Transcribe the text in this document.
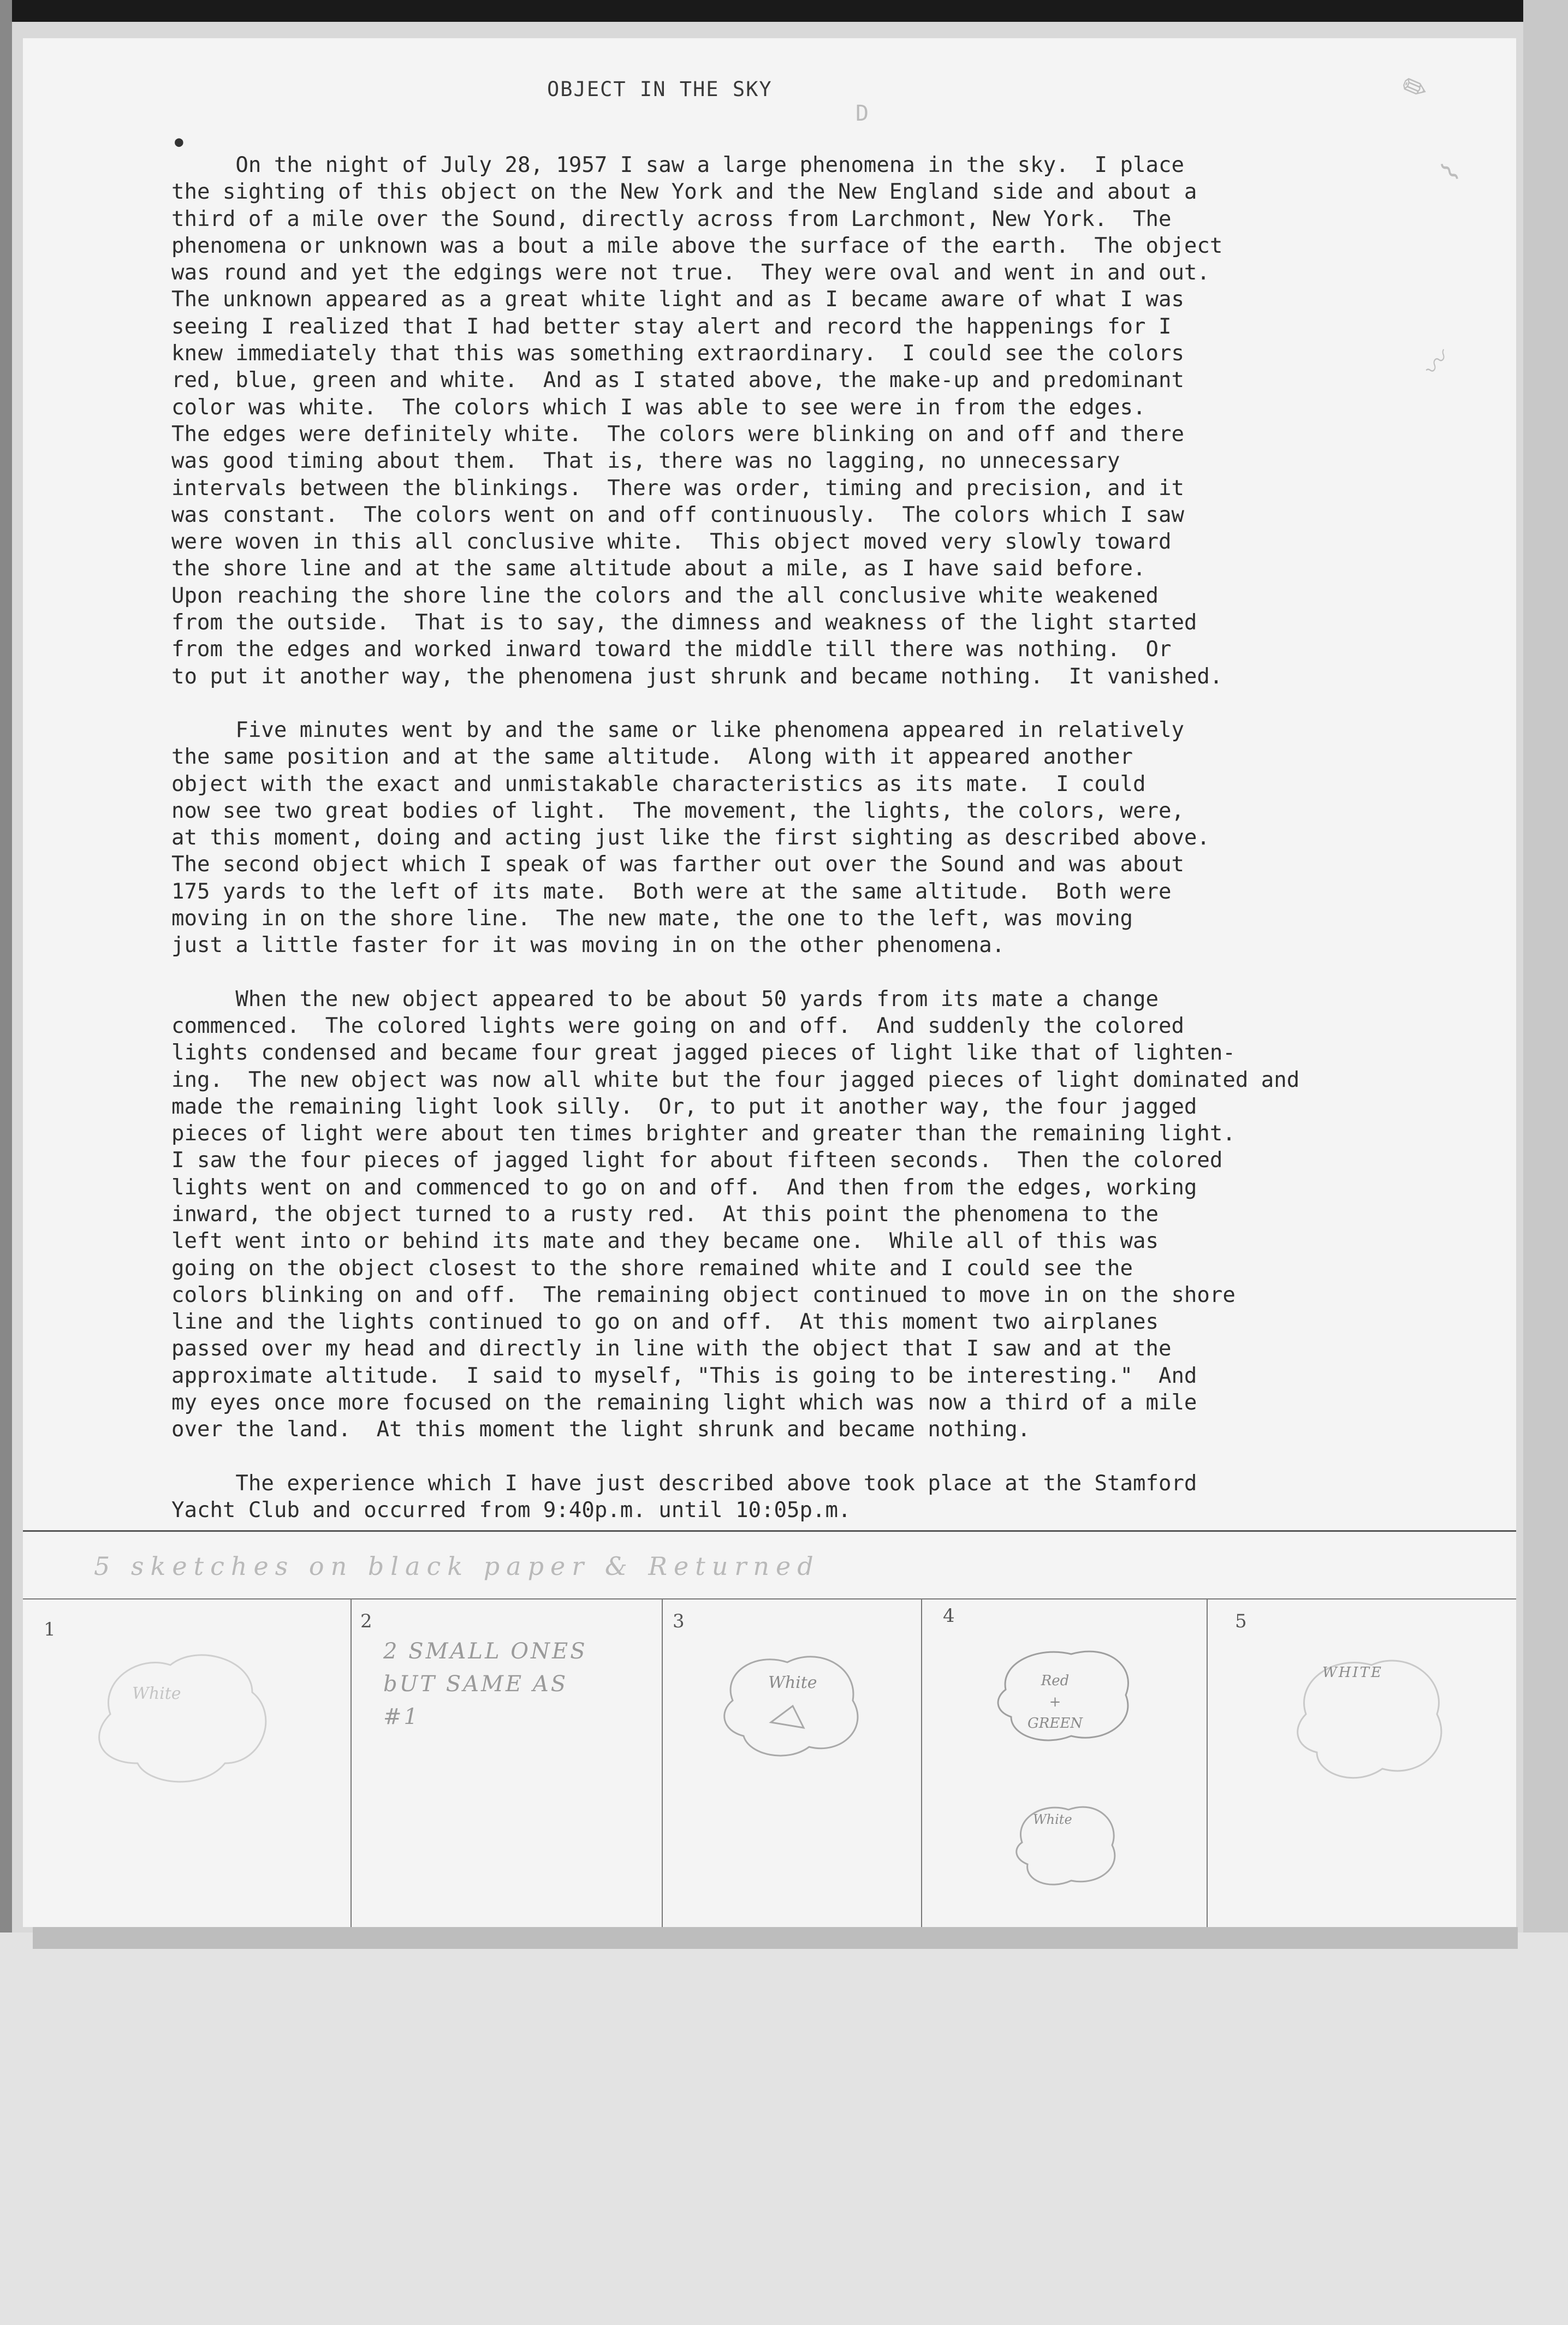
OBJECT IN THE SKY
D
●
✎
⌇
〰
On the night of July 28, 1957 I saw a large phenomena in the sky.  I place
the sighting of this object on the New York and the New England side and about a
third of a mile over the Sound, directly across from Larchmont, New York.  The
phenomena or unknown was a bout a mile above the surface of the earth.  The object
was round and yet the edgings were not true.  They were oval and went in and out.
The unknown appeared as a great white light and as I became aware of what I was
seeing I realized that I had better stay alert and record the happenings for I
knew immediately that this was something extraordinary.  I could see the colors
red, blue, green and white.  And as I stated above, the make-up and predominant
color was white.  The colors which I was able to see were in from the edges.
The edges were definitely white.  The colors were blinking on and off and there
was good timing about them.  That is, there was no lagging, no unnecessary
intervals between the blinkings.  There was order, timing and precision, and it
was constant.  The colors went on and off continuously.  The colors which I saw
were woven in this all conclusive white.  This object moved very slowly toward
the shore line and at the same altitude about a mile, as I have said before.
Upon reaching the shore line the colors and the all conclusive white weakened
from the outside.  That is to say, the dimness and weakness of the light started
from the edges and worked inward toward the middle till there was nothing.  Or
to put it another way, the phenomena just shrunk and became nothing.  It vanished.
Five minutes went by and the same or like phenomena appeared in relatively
the same position and at the same altitude.  Along with it appeared another
object with the exact and unmistakable characteristics as its mate.  I could
now see two great bodies of light.  The movement, the lights, the colors, were,
at this moment, doing and acting just like the first sighting as described above.
The second object which I speak of was farther out over the Sound and was about
175 yards to the left of its mate.  Both were at the same altitude.  Both were
moving in on the shore line.  The new mate, the one to the left, was moving
just a little faster for it was moving in on the other phenomena.
When the new object appeared to be about 50 yards from its mate a change
commenced.  The colored lights were going on and off.  And suddenly the colored
lights condensed and became four great jagged pieces of light like that of lighten-
ing.  The new object was now all white but the four jagged pieces of light dominated and
made the remaining light look silly.  Or, to put it another way, the four jagged
pieces of light were about ten times brighter and greater than the remaining light.
I saw the four pieces of jagged light for about fifteen seconds.  Then the colored
lights went on and commenced to go on and off.  And then from the edges, working
inward, the object turned to a rusty red.  At this point the phenomena to the
left went into or behind its mate and they became one.  While all of this was
going on the object closest to the shore remained white and I could see the
colors blinking on and off.  The remaining object continued to move in on the shore
line and the lights continued to go on and off.  At this moment two airplanes
passed over my head and directly in line with the object that I saw and at the
approximate altitude.  I said to myself, "This is going to be interesting."  And
my eyes once more focused on the remaining light which was now a third of a mile
over the land.  At this moment the light shrunk and became nothing.
The experience which I have just described above took place at the Stamford
Yacht Club and occurred from 9:40p.m. until 10:05p.m.
5 sketches on black paper & Returned
1
White
2
2 SMALL ONES
bUT SAME AS
#1
3
White
4
Red
+
GREEN
White
5
WHITE
